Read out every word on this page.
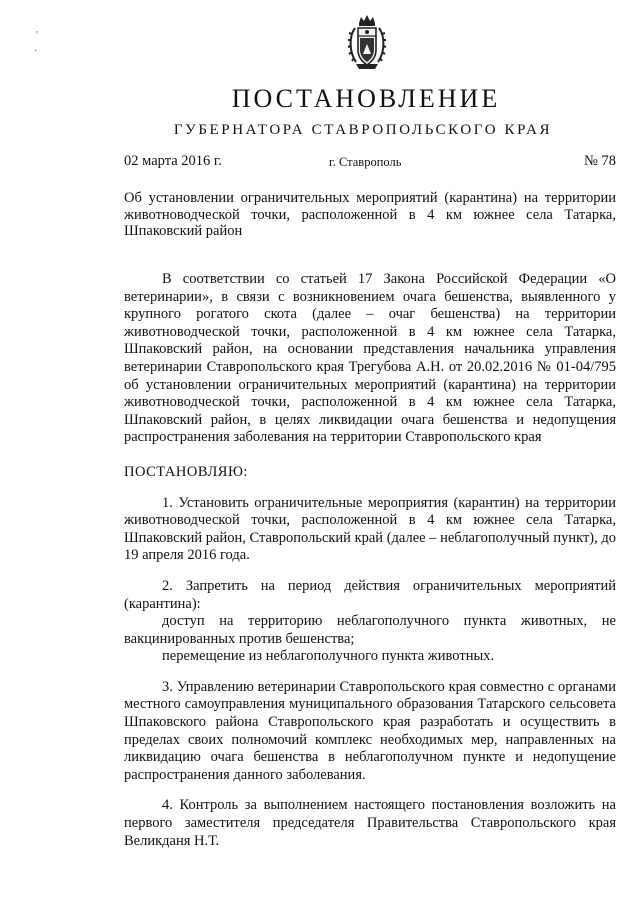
'
·
ПОСТАНОВЛЕНИЕ
ГУБЕРНАТОРА СТАВРОПОЛЬСКОГО КРАЯ
02 марта 2016 г.	г. Ставрополь	№ 78
Об установлении ограничительных мероприятий (карантина) на территории животноводческой точки, расположенной в 4 км южнее села Татарка, Шпаковский район

В соответствии со статьей 17 Закона Российской Федерации «О ветеринарии», в связи с возникновением очага бешенства, выявленного у крупного рогатого скота (далее – очаг бешенства) на территории животноводческой точки, расположенной в 4 км южнее села Татарка, Шпаковский район, на основании представления начальника управления ветеринарии Ставропольского края Трегубова А.Н. от 20.02.2016 № 01-04/795 об установлении ограничительных мероприятий (карантина) на территории животноводческой точки, расположенной в 4 км южнее села Татарка, Шпаковский район, в целях ликвидации очага бешенства и недопущения распространения заболевания на территории Ставропольского края

ПОСТАНОВЛЯЮ:

1. Установить ограничительные мероприятия (карантин) на территории животноводческой точки, расположенной в 4 км южнее села Татарка, Шпаковский район, Ставропольский край (далее – неблагополучный пункт), до 19 апреля 2016 года.

2. Запретить на период действия ограничительных мероприятий (карантина):

доступ на территорию неблагополучного пункта животных, не вакцинированных против бешенства;

перемещение из неблагополучного пункта животных.

3. Управлению ветеринарии Ставропольского края совместно с органами местного самоуправления муниципального образования Татарского сельсовета Шпаковского района Ставропольского края разработать и осуществить в пределах своих полномочий комплекс необходимых мер, направленных на ликвидацию очага бешенства в неблагополучном пункте и недопущение распространения данного заболевания.

4. Контроль за выполнением настоящего постановления возложить на первого заместителя председателя Правительства Ставропольского края Великданя Н.Т.
